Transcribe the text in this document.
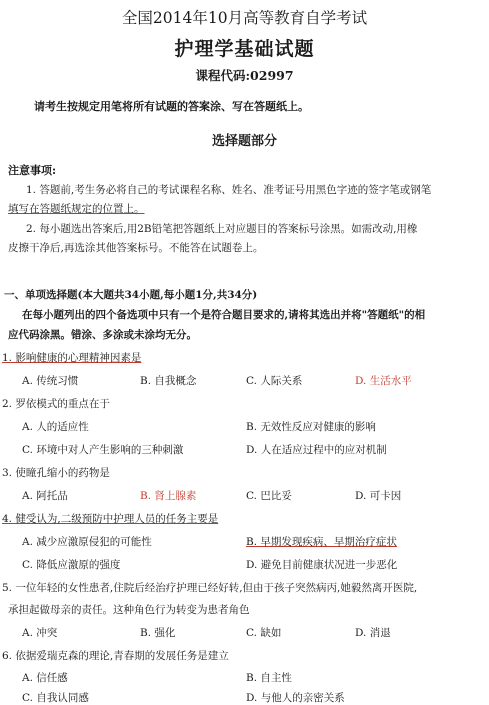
全国2014年10月高等教育自学考试
护理学基础试题
课程代码:02997
请考生按规定用笔将所有试题的答案涂、写在答题纸上。
选择题部分
注意事项:
1. 答题前,考生务必将自己的考试课程名称、姓名、准考证号用黑色字迹的签字笔或钢笔
填写在答题纸规定的位置上。
2. 每小题选出答案后,用2B铅笔把答题纸上对应题目的答案标号涂黑。如需改动,用橡
皮擦干净后,再选涂其他答案标号。不能答在试题卷上。
一、单项选择题(本大题共34小题,每小题1分,共34分)
在每小题列出的四个备选项中只有一个是符合题目要求的,请将其选出并将"答题纸"的相
应代码涂黑。错涂、多涂或未涂均无分。
1. 影响健康的心理精神因素是
A. 传统习惯	B. 自我概念	C. 人际关系	D. 生活水平
2. 罗依模式的重点在于
A. 人的适应性	B. 无效性反应对健康的影响
C. 环境中对人产生影响的三种刺激	D. 人在适应过程中的应对机制
3. 使瞳孔缩小的药物是
A. 阿托品	B. 肾上腺素	C. 巴比妥	D. 可卡因
4. 健受认为,二级预防中护理人员的任务主要是
A. 减少应激原侵犯的可能性	B. 早期发现疾病、早期治疗症状
C. 降低应激原的强度	D. 避免目前健康状况进一步恶化
5. 一位年轻的女性患者,住院后经治疗护理已经好转,但由于孩子突然病丙,她毅然离开医院,
承担起做母亲的责任。这种角色行为转变为患者角色
A. 冲突	B. 强化	C. 缺如	D. 消退
6. 依据爱瑞克森的理论,青春期的发展任务是建立
A. 信任感	B. 自主性
C. 自我认同感	D. 与他人的亲密关系
